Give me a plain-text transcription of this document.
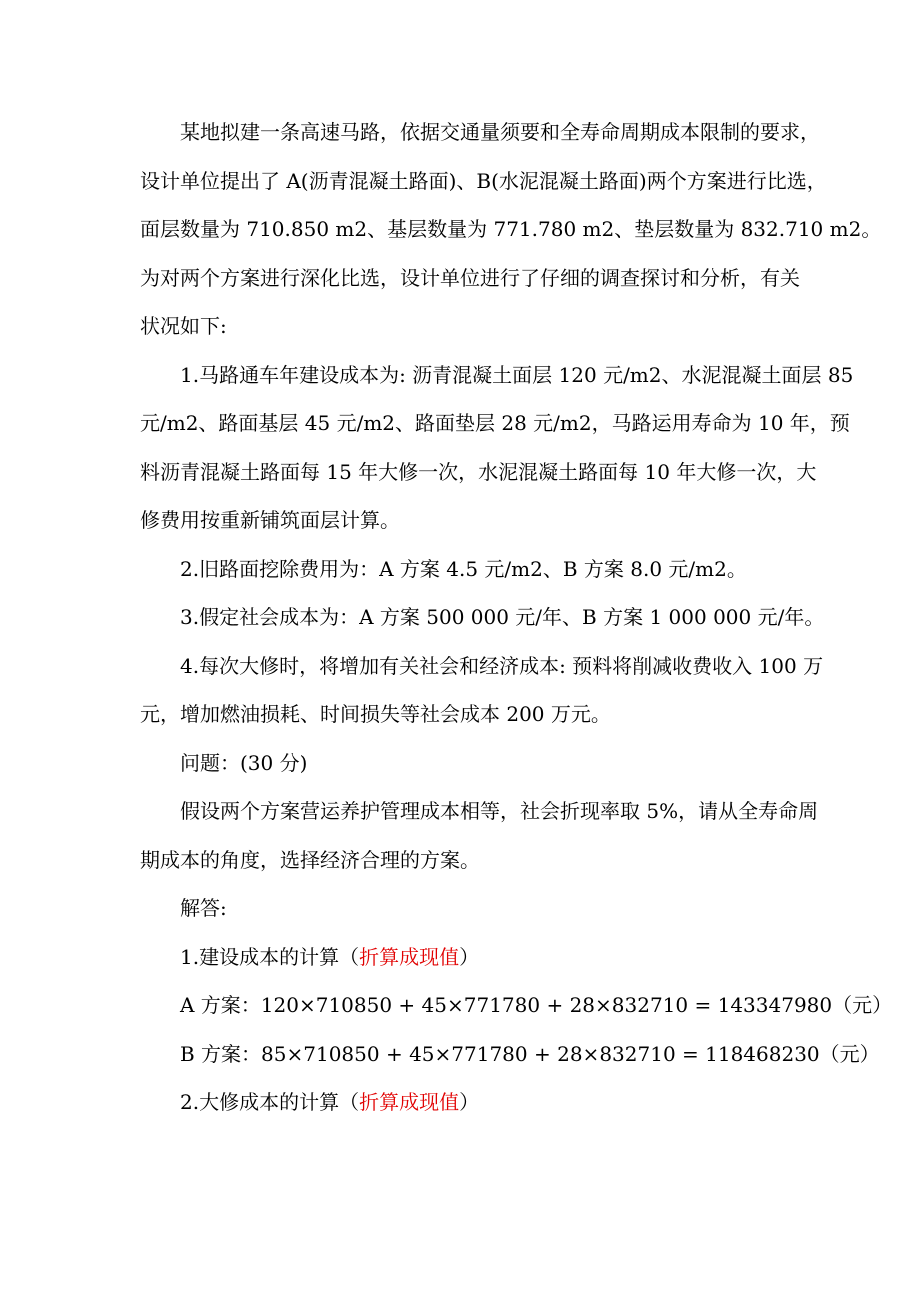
某地拟建一条高速马路，依据交通量须要和全寿命周期成本限制的要求，
设计单位提出了 A(沥青混凝土路面)、B(水泥混凝土路面)两个方案进行比选，
面层数量为 710.850 m2、基层数量为 771.780 m2、垫层数量为 832.710 m2。
为对两个方案进行深化比选，设计单位进行了仔细的调查探讨和分析，有关
状况如下:
1.马路通车年建设成本为: 沥青混凝土面层 120 元/m2、水泥混凝土面层 85
元/m2、路面基层 45 元/m2、路面垫层 28 元/m2，马路运用寿命为 10 年，预
料沥青混凝土路面每 15 年大修一次，水泥混凝土路面每 10 年大修一次，大
修费用按重新铺筑面层计算。

2.旧路面挖除费用为：A 方案 4.5 元/m2、B 方案 8.0 元/m2。

3.假定社会成本为：A 方案 500 000 元/年、B 方案 1 000 000 元/年。

4.每次大修时，将增加有关社会和经济成本: 预料将削减收费收入 100 万
元，增加燃油损耗、时间损失等社会成本 200 万元。

问题：(30 分)

假设两个方案营运养护管理成本相等，社会折现率取 5%，请从全寿命周
期成本的角度，选择经济合理的方案。

解答:

1.建设成本的计算（折算成现值）

A 方案：120×710850 + 45×771780 + 28×832710 = 143347980（元）

B 方案：85×710850 + 45×771780 + 28×832710 = 118468230（元）

2.大修成本的计算（折算成现值）
